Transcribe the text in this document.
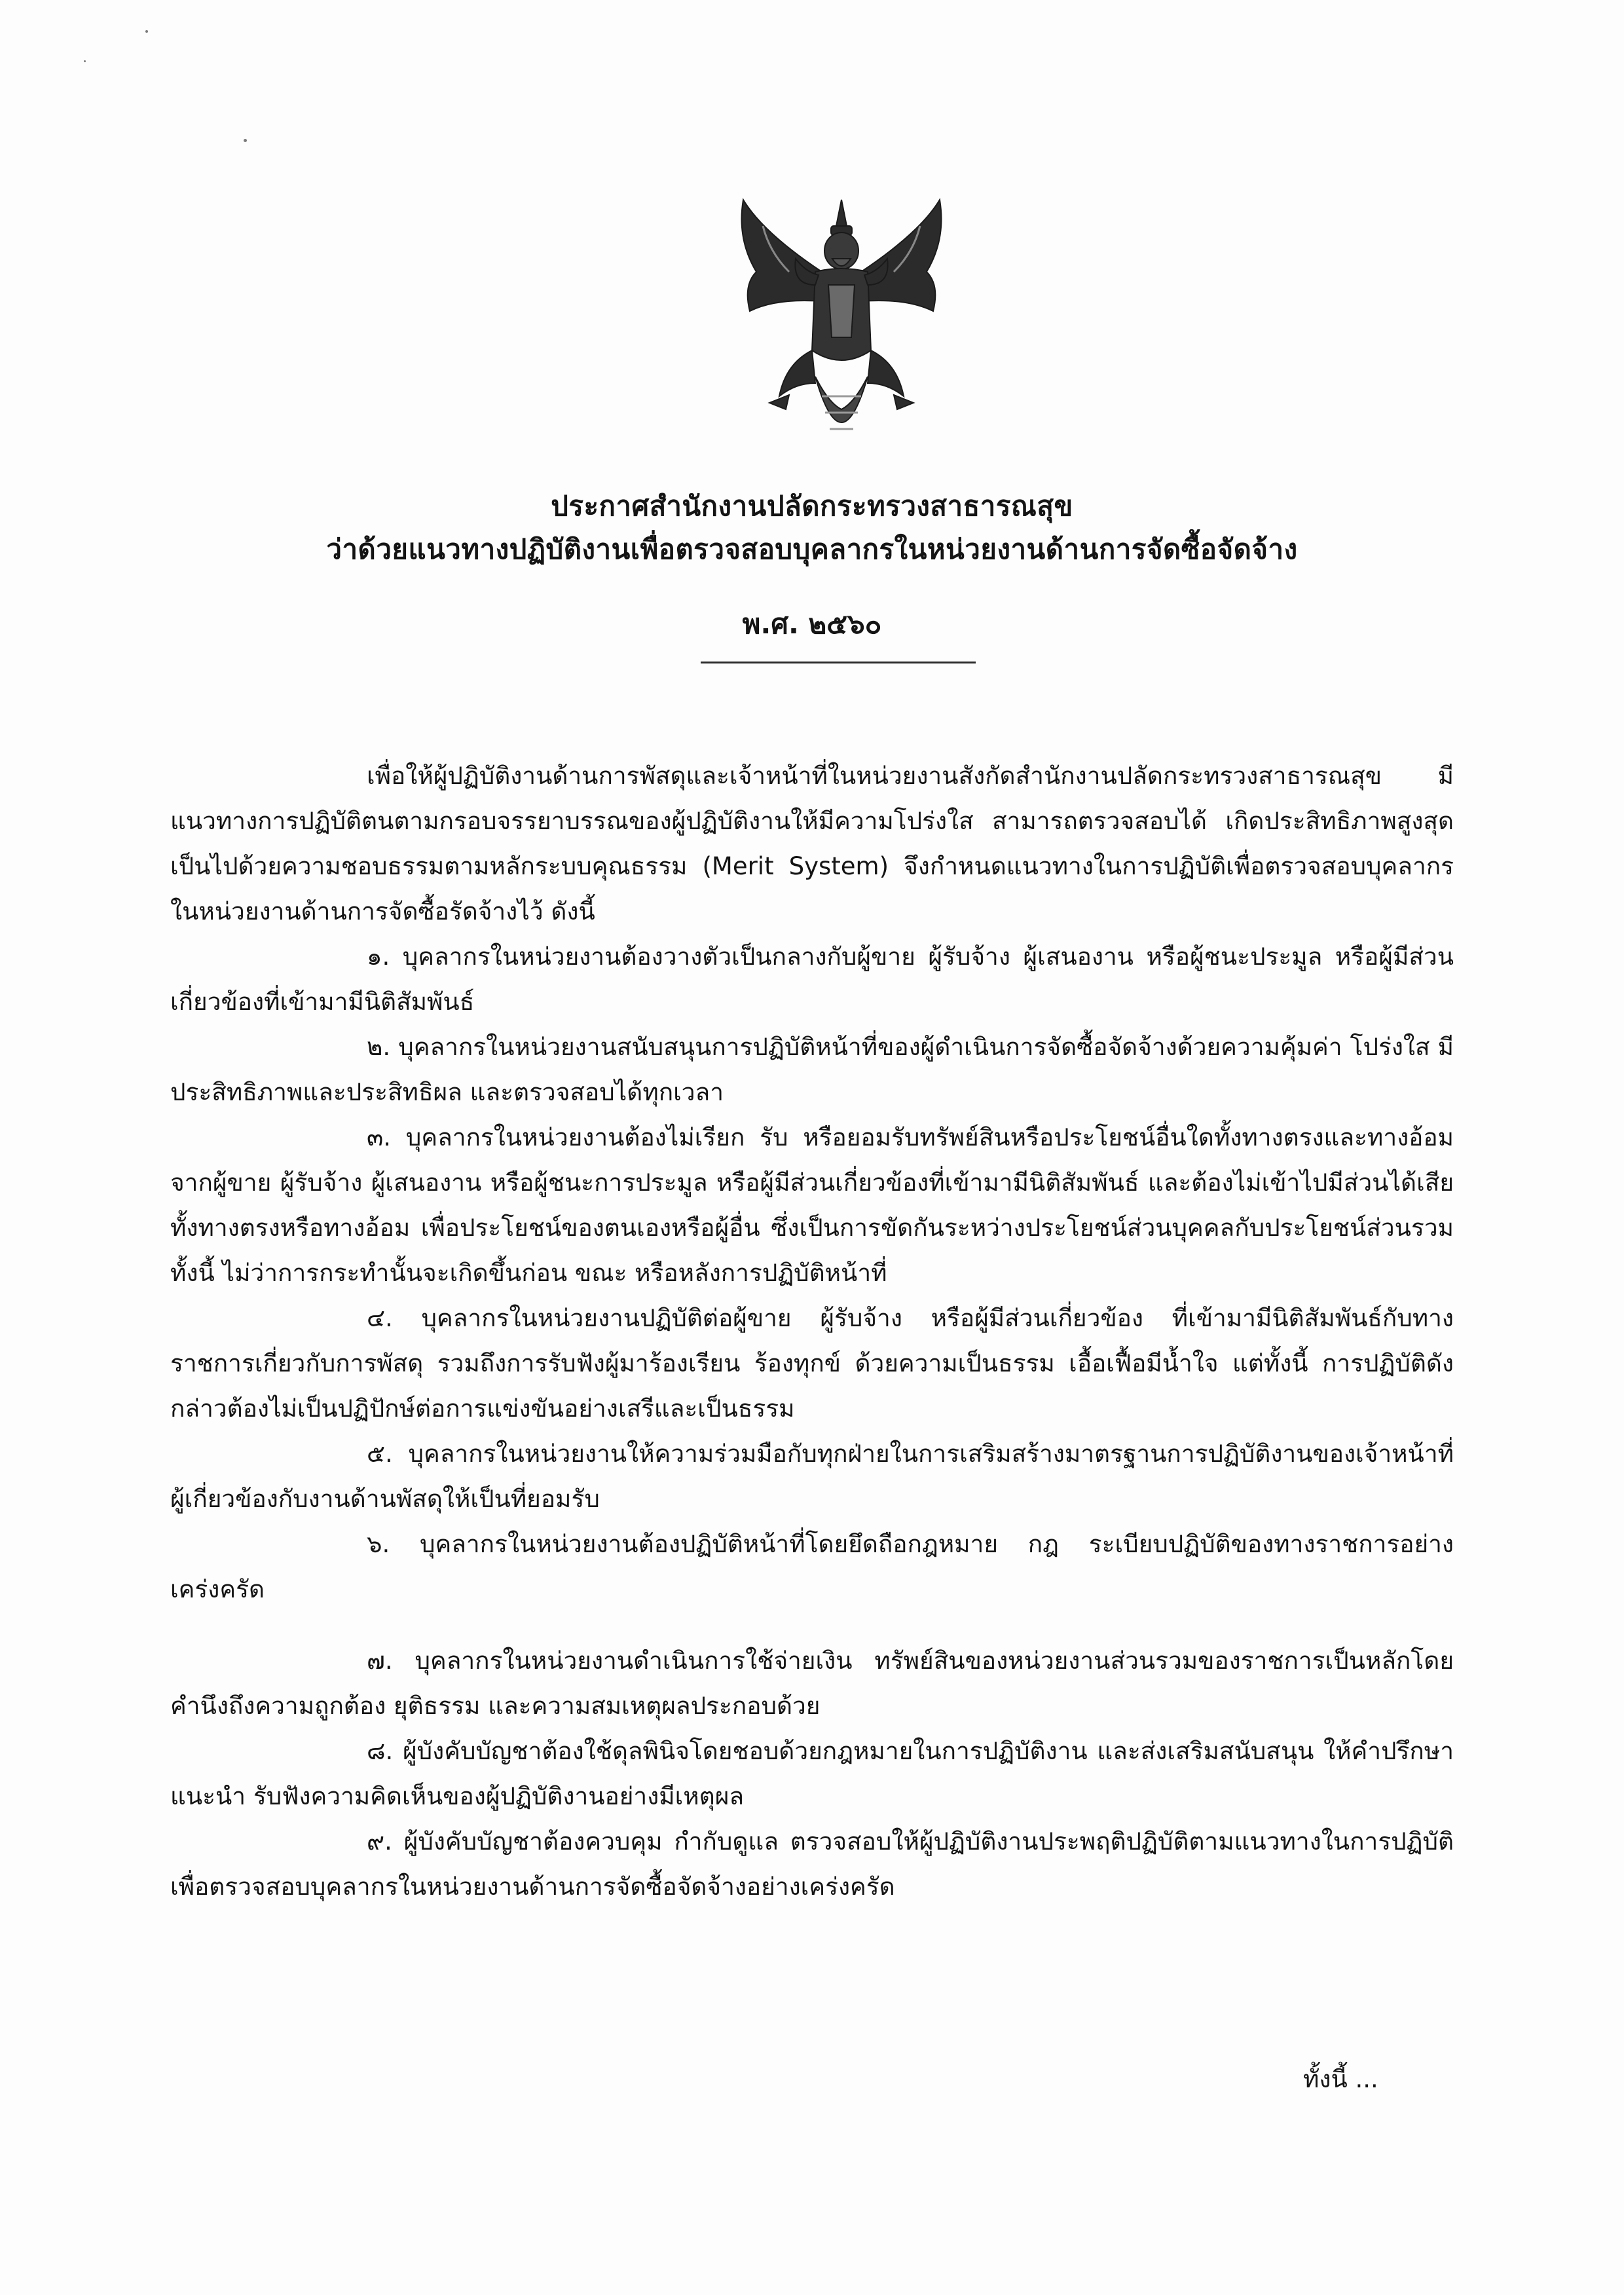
ประกาศสำนักงานปลัดกระทรวงสาธารณสุข
ว่าด้วยแนวทางปฏิบัติงานเพื่อตรวจสอบบุคลากรในหน่วยงานด้านการจัดซื้อจัดจ้าง
พ.ศ. ๒๕๖๐

เพื่อให้ผู้ปฏิบัติงานด้านการพัสดุและเจ้าหน้าที่ในหน่วยงานสังกัดสำนักงานปลัดกระทรวงสาธารณสุข มีแนวทางการปฏิบัติตนตามกรอบจรรยาบรรณของผู้ปฏิบัติงานให้มีความโปร่งใส สามารถตรวจสอบได้ เกิดประสิทธิภาพสูงสุด เป็นไปด้วยความชอบธรรมตามหลักระบบคุณธรรม (Merit System) จึงกำหนดแนวทางในการปฏิบัติเพื่อตรวจสอบบุคลากรในหน่วยงานด้านการจัดซื้อรัดจ้างไว้ ดังนี้

๑. บุคลากรในหน่วยงานต้องวางตัวเป็นกลางกับผู้ขาย ผู้รับจ้าง ผู้เสนองาน หรือผู้ชนะประมูล หรือผู้มีส่วนเกี่ยวข้องที่เข้ามามีนิติสัมพันธ์

๒. บุคลากรในหน่วยงานสนับสนุนการปฏิบัติหน้าที่ของผู้ดำเนินการจัดซื้อจัดจ้างด้วยความคุ้มค่า โปร่งใส มีประสิทธิภาพและประสิทธิผล และตรวจสอบได้ทุกเวลา

๓. บุคลากรในหน่วยงานต้องไม่เรียก รับ หรือยอมรับทรัพย์สินหรือประโยชน์อื่นใดทั้งทางตรงและทางอ้อม จากผู้ขาย ผู้รับจ้าง ผู้เสนองาน หรือผู้ชนะการประมูล หรือผู้มีส่วนเกี่ยวข้องที่เข้ามามีนิติสัมพันธ์ และต้องไม่เข้าไปมีส่วนได้เสียทั้งทางตรงหรือทางอ้อม เพื่อประโยชน์ของตนเองหรือผู้อื่น ซึ่งเป็นการขัดกันระหว่างประโยชน์ส่วนบุคคลกับประโยชน์ส่วนรวม ทั้งนี้ ไม่ว่าการกระทำนั้นจะเกิดขึ้นก่อน ขณะ หรือหลังการปฏิบัติหน้าที่

๔. บุคลากรในหน่วยงานปฏิบัติต่อผู้ขาย ผู้รับจ้าง หรือผู้มีส่วนเกี่ยวข้อง ที่เข้ามามีนิติสัมพันธ์กับทางราชการเกี่ยวกับการพัสดุ รวมถึงการรับฟังผู้มาร้องเรียน ร้องทุกข์ ด้วยความเป็นธรรม เอื้อเฟื้อมีน้ำใจ แต่ทั้งนี้ การปฏิบัติดังกล่าวต้องไม่เป็นปฏิปักษ์ต่อการแข่งขันอย่างเสรีและเป็นธรรม

๕. บุคลากรในหน่วยงานให้ความร่วมมือกับทุกฝ่ายในการเสริมสร้างมาตรฐานการปฏิบัติงานของเจ้าหน้าที่ผู้เกี่ยวข้องกับงานด้านพัสดุให้เป็นที่ยอมรับ

๖. บุคลากรในหน่วยงานต้องปฏิบัติหน้าที่โดยยึดถือกฎหมาย กฎ ระเบียบปฏิบัติของทางราชการอย่างเคร่งครัด

๗. บุคลากรในหน่วยงานดำเนินการใช้จ่ายเงิน ทรัพย์สินของหน่วยงานส่วนรวมของราชการเป็นหลักโดยคำนึงถึงความถูกต้อง ยุติธรรม และความสมเหตุผลประกอบด้วย

๘. ผู้บังคับบัญชาต้องใช้ดุลพินิจโดยชอบด้วยกฎหมายในการปฏิบัติงาน และส่งเสริมสนับสนุน ให้คำปรึกษา แนะนำ รับฟังความคิดเห็นของผู้ปฏิบัติงานอย่างมีเหตุผล

๙. ผู้บังคับบัญชาต้องควบคุม กำกับดูแล ตรวจสอบให้ผู้ปฏิบัติงานประพฤติปฏิบัติตามแนวทางในการปฏิบัติเพื่อตรวจสอบบุคลากรในหน่วยงานด้านการจัดซื้อจัดจ้างอย่างเคร่งครัด

ทั้งนี้ ...
